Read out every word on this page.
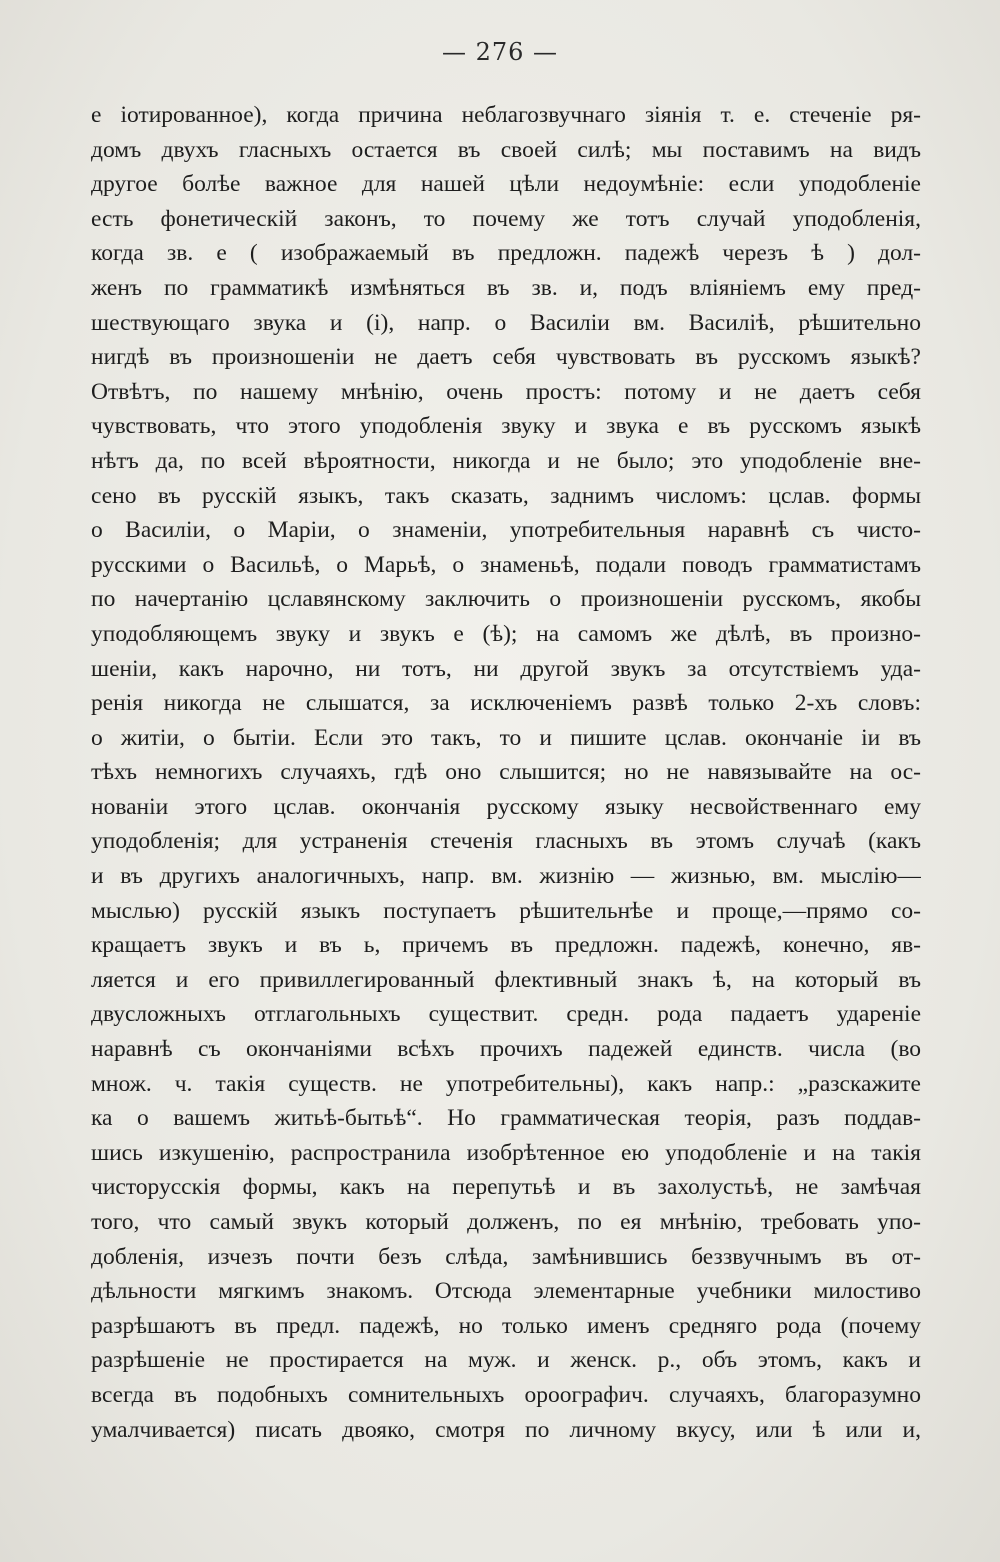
— 276 —
е iотированное), когда причина неблагозвучнаго зiянiя т. е. стеченiе ря-
домъ двухъ гласныхъ остается въ своей силѣ; мы поставимъ на видъ
другое болѣе важное для нашей цѣли недоумѣнiе: если уподобленiе
есть фонетическiй законъ, то почему же тотъ случай уподобленiя,
когда зв. е ( изображаемый въ предложн. падежѣ черезъ ѣ ) дол-
женъ по грамматикѣ измѣняться въ зв. и, подъ влiянiемъ ему пред-
шествующаго звука и (i), напр. о Василiи вм. Василiѣ, рѣшительно
нигдѣ въ произношенiи не даетъ себя чувствовать въ русскомъ языкѣ?
Отвѣтъ, по нашему мнѣнiю, очень простъ: потому и не даетъ себя
чувствовать, что этого уподобленiя звуку и звука е въ русскомъ языкѣ
нѣтъ да, по всей вѣроятности, никогда и не было; это уподобленiе вне-
сено въ русскiй языкъ, такъ сказать, заднимъ числомъ: цслав. формы
о Василiи, о Марiи, о знаменiи, употребительныя наравнѣ съ чисто-
русскими о Васильѣ, о Марьѣ, о знаменьѣ, подали поводъ грамматистамъ
по начертанiю цславянскому заключить о произношенiи русскомъ, якобы
уподобляющемъ звуку и звукъ е (ѣ); на самомъ же дѣлѣ, въ произно-
шенiи, какъ нарочно, ни тотъ, ни другой звукъ за отсутствiемъ уда-
ренiя никогда не слышатся, за исключенiемъ развѣ только 2-хъ словъ:
о житiи, о бытiи. Если это такъ, то и пишите цслав. окончанiе iи въ
тѣхъ немногихъ случаяхъ, гдѣ оно слышится; но не навязывайте на ос-
нованiи этого цслав. окончанiя русскому языку несвойственнаго ему
уподобленiя; для устраненiя стеченiя гласныхъ въ этомъ случаѣ (какъ
и въ другихъ аналогичныхъ, напр. вм. жизнiю — жизнью, вм. мыслiю—
мыслью) русскiй языкъ поступаетъ рѣшительнѣе и проще,—прямо со-
кращаетъ звукъ и въ ь, причемъ въ предложн. падежѣ, конечно, яв-
ляется и его привиллегированный флективный знакъ ѣ, на который въ
двусложныхъ отглагольныхъ существит. средн. рода падаетъ ударенiе
наравнѣ съ окончанiями всѣхъ прочихъ падежей единств. числа (во
множ. ч. такiя существ. не употребительны), какъ напр.: „разскажите
ка о вашемъ житьѣ-бытьѣ“. Но грамматическая теорiя, разъ поддав-
шись изкушенiю, распространила изобрѣтенное ею уподобленiе и на такiя
чисторусскiя формы, какъ на перепутьѣ и въ захолустьѣ, не замѣчая
того, что самый звукъ который долженъ, по ея мнѣнiю, требовать упо-
добленiя, изчезъ почти безъ слѣда, замѣнившись беззвучнымъ въ от-
дѣльности мягкимъ знакомъ. Отсюда элементарные учебники милостиво
разрѣшаютъ въ предл. падежѣ, но только именъ средняго рода (почему
разрѣшенiе не простирается на муж. и женск. р., объ этомъ, какъ и
всегда въ подобныхъ сомнительныхъ ороографич. случаяхъ, благоразумно
умалчивается) писать двояко, смотря по личному вкусу, или ѣ или и,
